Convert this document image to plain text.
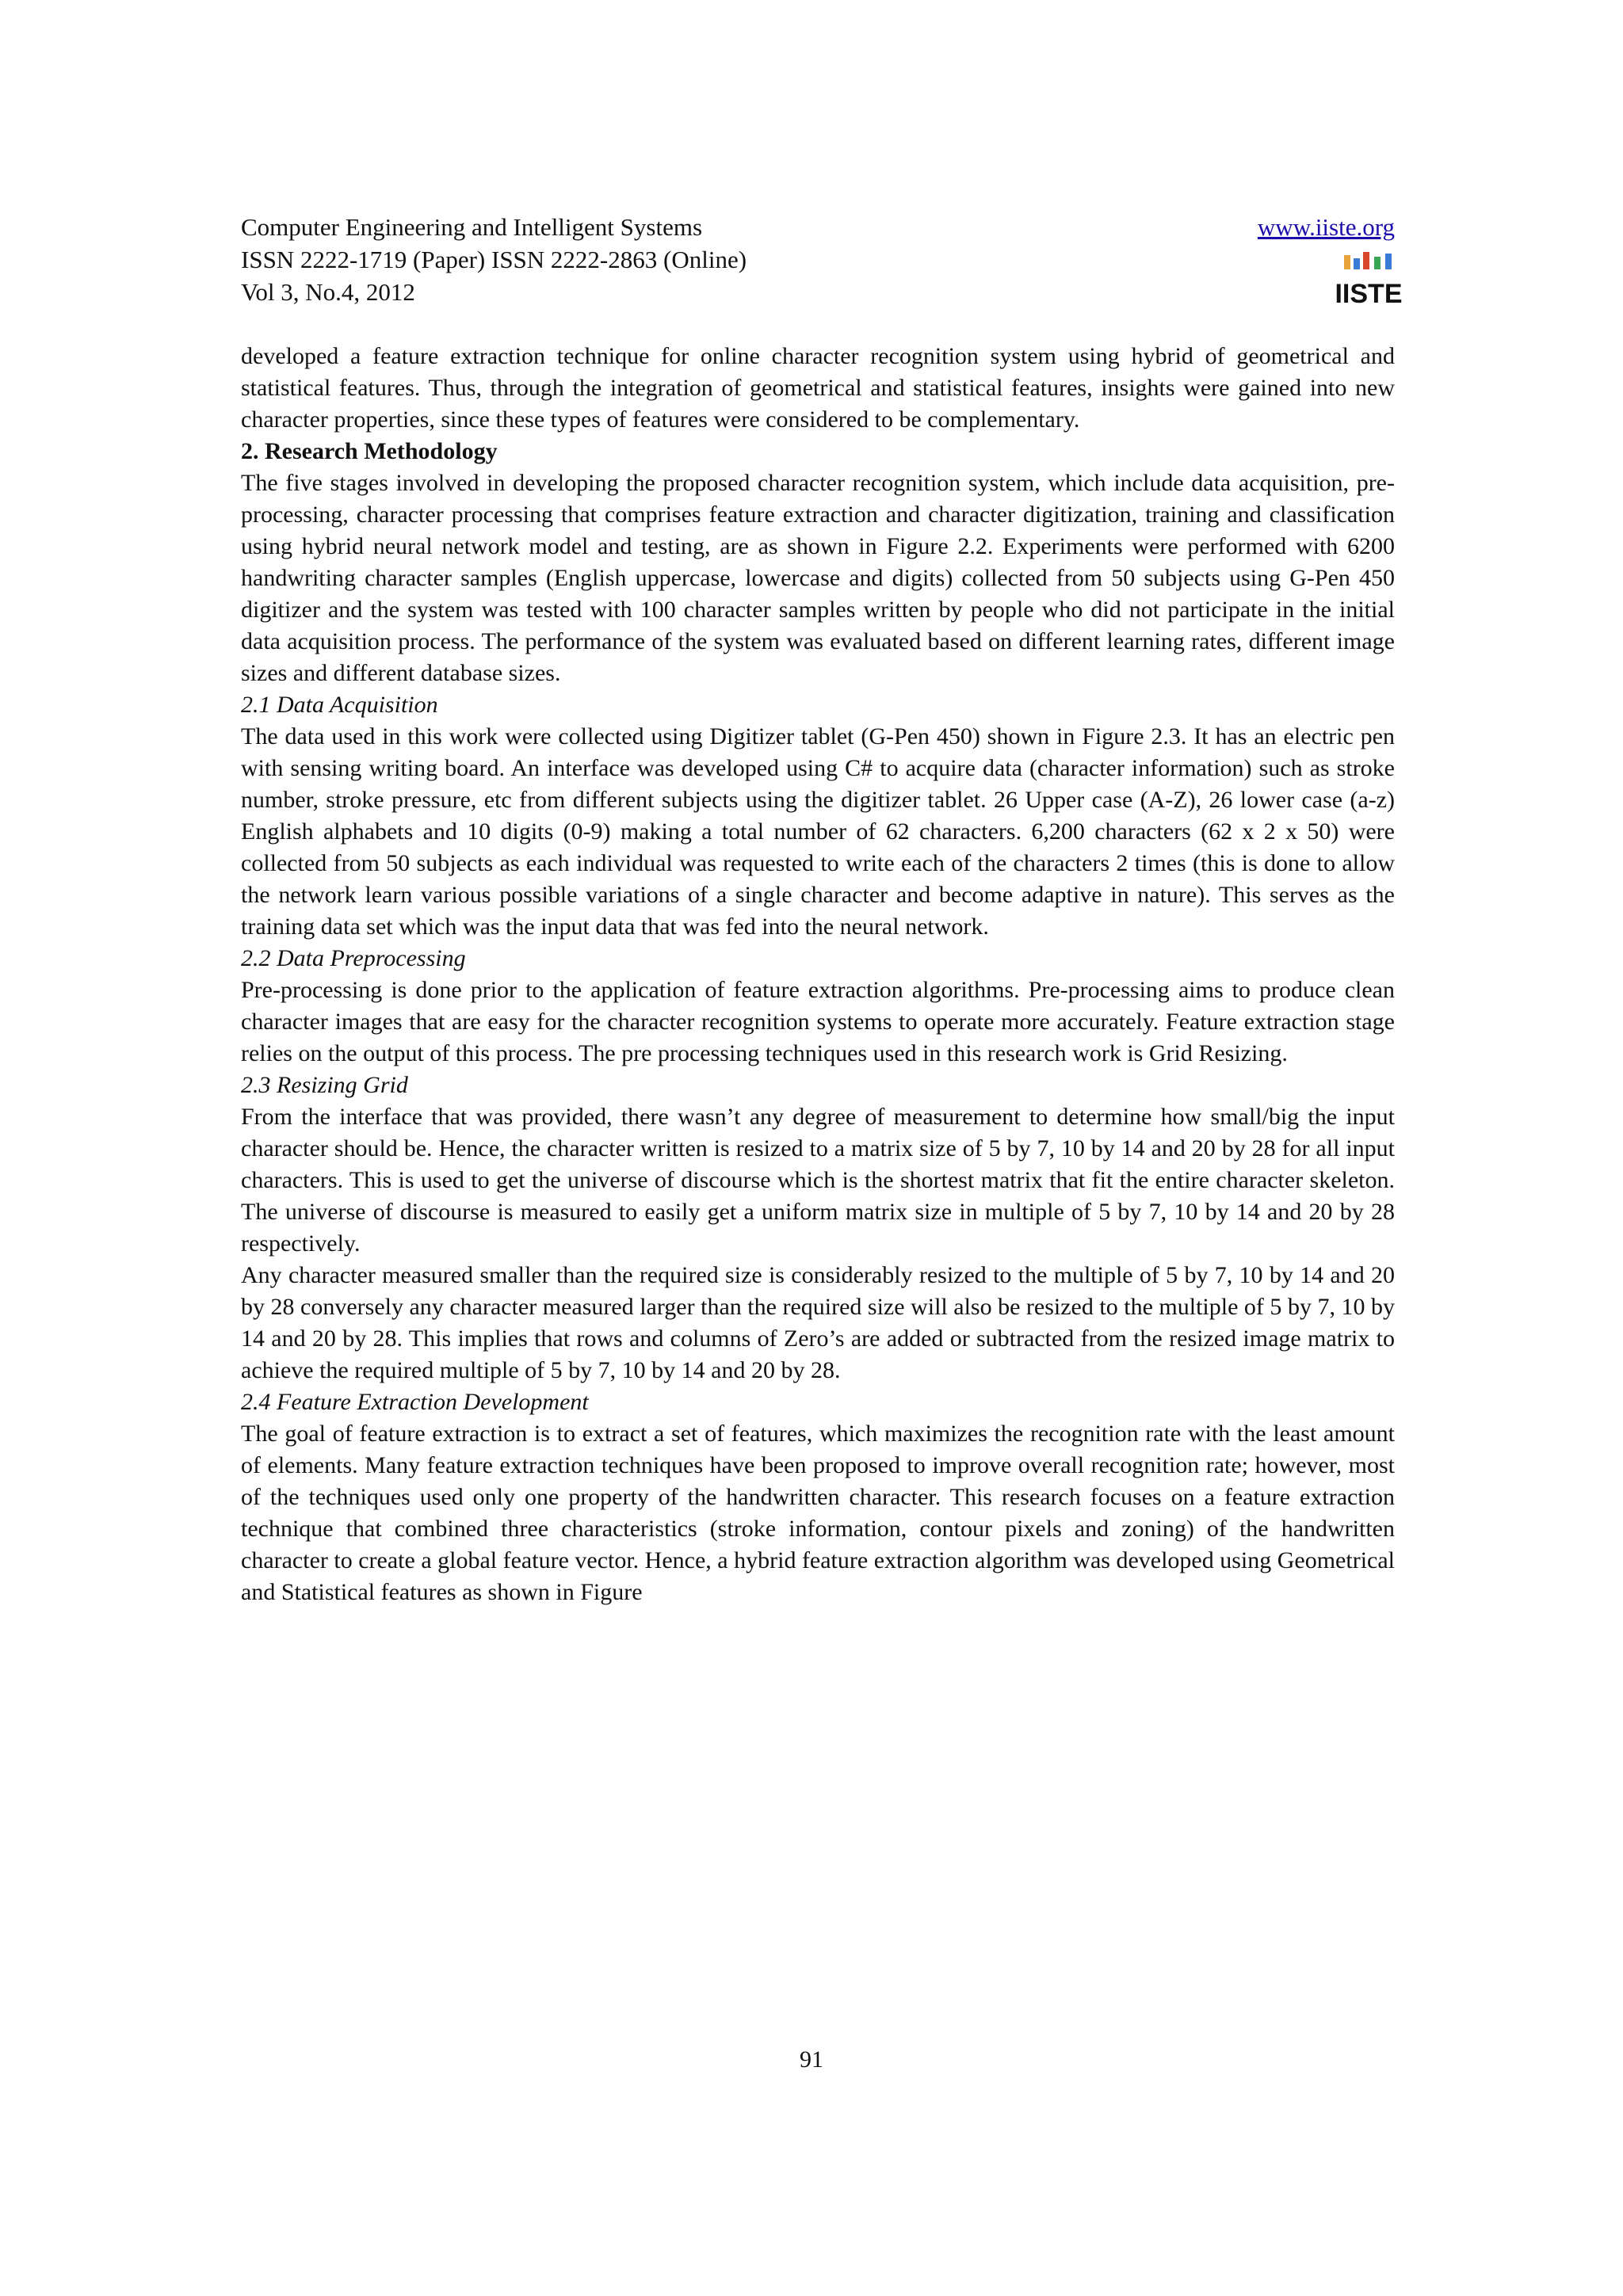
Computer Engineering and Intelligent Systems
ISSN 2222-1719 (Paper) ISSN 2222-2863 (Online)
Vol 3, No.4, 2012
www.iiste.org
IISTE

developed a feature extraction technique for online character recognition system using hybrid of geometrical and statistical features. Thus, through the integration of geometrical and statistical features, insights were gained into new character properties, since these types of features were considered to be complementary.

2. Research Methodology

The five stages involved in developing the proposed character recognition system, which include data acquisition, pre-processing, character processing that comprises feature extraction and character digitization, training and classification using hybrid neural network model and testing, are as shown in Figure 2.2. Experiments were performed with 6200 handwriting character samples (English uppercase, lowercase and digits) collected from 50 subjects using G-Pen 450 digitizer and the system was tested with 100 character samples written by people who did not participate in the initial data acquisition process. The performance of the system was evaluated based on different learning rates, different image sizes and different database sizes.

2.1 Data Acquisition

The data used in this work were collected using Digitizer tablet (G-Pen 450) shown in Figure 2.3. It has an electric pen with sensing writing board. An interface was developed using C# to acquire data (character information) such as stroke number, stroke pressure, etc from different subjects using the digitizer tablet. 26 Upper case (A-Z), 26 lower case (a-z) English alphabets and 10 digits (0-9) making a total number of 62 characters. 6,200 characters (62 x 2 x 50) were collected from 50 subjects as each individual was requested to write each of the characters 2 times (this is done to allow the network learn various possible variations of a single character and become adaptive in nature). This serves as the training data set which was the input data that was fed into the neural network.

2.2 Data Preprocessing

Pre-processing is done prior to the application of feature extraction algorithms. Pre-processing aims to produce clean character images that are easy for the character recognition systems to operate more accurately. Feature extraction stage relies on the output of this process. The pre processing techniques used in this research work is Grid Resizing.

2.3 Resizing Grid

From the interface that was provided, there wasn’t any degree of measurement to determine how small/big the input character should be. Hence, the character written is resized to a matrix size of 5 by 7, 10 by 14 and 20 by 28 for all input characters. This is used to get the universe of discourse which is the shortest matrix that fit the entire character skeleton. The universe of discourse is measured to easily get a uniform matrix size in multiple of 5 by 7, 10 by 14 and 20 by 28 respectively.

Any character measured smaller than the required size is considerably resized to the multiple of 5 by 7, 10 by 14 and 20 by 28 conversely any character measured larger than the required size will also be resized to the multiple of 5 by 7, 10 by 14 and 20 by 28. This implies that rows and columns of Zero’s are added or subtracted from the resized image matrix to achieve the required multiple of 5 by 7, 10 by 14 and 20 by 28.

2.4 Feature Extraction Development

The goal of feature extraction is to extract a set of features, which maximizes the recognition rate with the least amount of elements. Many feature extraction techniques have been proposed to improve overall recognition rate; however, most of the techniques used only one property of the handwritten character. This research focuses on a feature extraction technique that combined three characteristics (stroke information, contour pixels and zoning) of the handwritten character to create a global feature vector. Hence, a hybrid feature extraction algorithm was developed using Geometrical and Statistical features as shown in Figure

91
